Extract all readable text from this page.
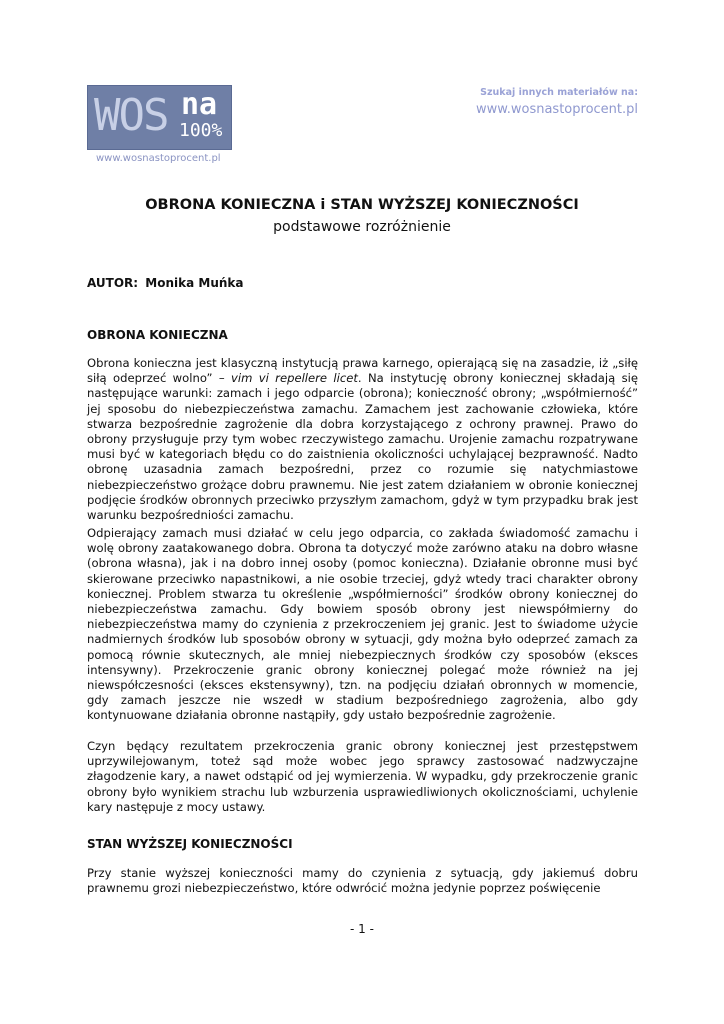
WOS na
100%
www.wosnastoprocent.pl
Szukaj innych materiałów na:
www.wosnastoprocent.pl
OBRONA KONIECZNA i STAN WYŻSZEJ KONIECZNOŚCI
podstawowe rozróżnienie
AUTOR: Monika Muńka
OBRONA KONIECZNA

Obrona konieczna jest klasyczną instytucją prawa karnego, opierającą się na zasadzie, iż „siłę siłą odeprzeć wolno” – vim vi repellere licet. Na instytucję obrony koniecznej składają się następujące warunki: zamach i jego odparcie (obrona); konieczność obrony; „współmierność” jej sposobu do niebezpieczeństwa zamachu. Zamachem jest zachowanie człowieka, które stwarza bezpośrednie zagrożenie dla dobra korzystającego z ochrony prawnej. Prawo do obrony przysługuje przy tym wobec rzeczywistego zamachu. Urojenie zamachu rozpatrywane musi być w kategoriach błędu co do zaistnienia okoliczności uchylającej bezprawność. Nadto obronę uzasadnia zamach bezpośredni, przez co rozumie się natychmiastowe niebezpieczeństwo grożące dobru prawnemu. Nie jest zatem działaniem w obronie koniecznej podjęcie środków obronnych przeciwko przyszłym zamachom, gdyż w tym przypadku brak jest warunku bezpośredniości zamachu.

Odpierający zamach musi działać w celu jego odparcia, co zakłada świadomość zamachu i wolę obrony zaatakowanego dobra. Obrona ta dotyczyć może zarówno ataku na dobro własne (obrona własna), jak i na dobro innej osoby (pomoc konieczna). Działanie obronne musi być skierowane przeciwko napastnikowi, a nie osobie trzeciej, gdyż wtedy traci charakter obrony koniecznej. Problem stwarza tu określenie „współmierności” środków obrony koniecznej do niebezpieczeństwa zamachu. Gdy bowiem sposób obrony jest niewspółmierny do niebezpieczeństwa mamy do czynienia z przekroczeniem jej granic. Jest to świadome użycie nadmiernych środków lub sposobów obrony w sytuacji, gdy można było odeprzeć zamach za pomocą równie skutecznych, ale mniej niebezpiecznych środków czy sposobów (eksces intensywny). Przekroczenie granic obrony koniecznej polegać może również na jej niewspółczesności (eksces ekstensywny), tzn. na podjęciu działań obronnych w momencie, gdy zamach jeszcze nie wszedł w stadium bezpośredniego zagrożenia, albo gdy kontynuowane działania obronne nastąpiły, gdy ustało bezpośrednie zagrożenie.

Czyn będący rezultatem przekroczenia granic obrony koniecznej jest przestępstwem uprzywilejowanym, toteż sąd może wobec jego sprawcy zastosować nadzwyczajne złagodzenie kary, a nawet odstąpić od jej wymierzenia. W wypadku, gdy przekroczenie granic obrony było wynikiem strachu lub wzburzenia usprawiedliwionych okolicznościami, uchylenie kary następuje z mocy ustawy.

STAN WYŻSZEJ KONIECZNOŚCI

Przy stanie wyższej konieczności mamy do czynienia z sytuacją, gdy jakiemuś dobru prawnemu grozi niebezpieczeństwo, które odwrócić można jedynie poprzez poświęcenie

- 1 -
